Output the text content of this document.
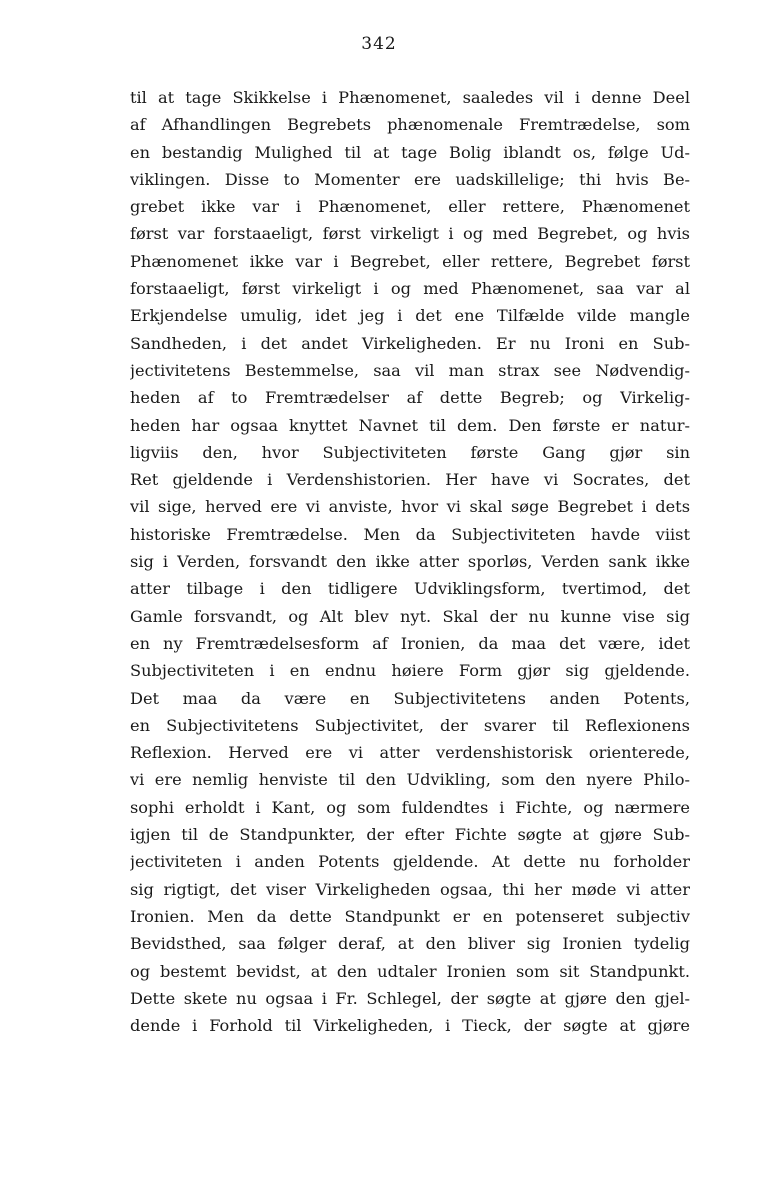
342
til at tage Skikkelse i Phænomenet, saaledes vil i denne Deel
af Afhandlingen Begrebets phænomenale Fremtrædelse, som
en bestandig Mulighed til at tage Bolig iblandt os, følge Ud-
viklingen. Disse to Momenter ere uadskillelige; thi hvis Be-
grebet ikke var i Phænomenet, eller rettere, Phænomenet
først var forstaaeligt, først virkeligt i og med Begrebet, og hvis
Phænomenet ikke var i Begrebet, eller rettere, Begrebet først
forstaaeligt, først virkeligt i og med Phænomenet, saa var al
Erkjendelse umulig, idet jeg i det ene Tilfælde vilde mangle
Sandheden, i det andet Virkeligheden. Er nu Ironi en Sub-
jectivitetens Bestemmelse, saa vil man strax see Nødvendig-
heden af to Fremtrædelser af dette Begreb; og Virkelig-
heden har ogsaa knyttet Navnet til dem. Den første er natur-
ligviis den, hvor Subjectiviteten første Gang gjør sin
Ret gjeldende i Verdenshistorien. Her have vi Socrates, det
vil sige, herved ere vi anviste, hvor vi skal søge Begrebet i dets
historiske Fremtrædelse. Men da Subjectiviteten havde viist
sig i Verden, forsvandt den ikke atter sporløs, Verden sank ikke
atter tilbage i den tidligere Udviklingsform, tvertimod, det
Gamle forsvandt, og Alt blev nyt. Skal der nu kunne vise sig
en ny Fremtrædelsesform af Ironien, da maa det være, idet
Subjectiviteten i en endnu høiere Form gjør sig gjeldende.
Det maa da være en Subjectivitetens anden Potents,
en Subjectivitetens Subjectivitet, der svarer til Reflexionens
Reflexion. Herved ere vi atter verdenshistorisk orienterede,
vi ere nemlig henviste til den Udvikling, som den nyere Philo-
sophi erholdt i Kant, og som fuldendtes i Fichte, og nærmere
igjen til de Standpunkter, der efter Fichte søgte at gjøre Sub-
jectiviteten i anden Potents gjeldende. At dette nu forholder
sig rigtigt, det viser Virkeligheden ogsaa, thi her møde vi atter
Ironien. Men da dette Standpunkt er en potenseret subjectiv
Bevidsthed, saa følger deraf, at den bliver sig Ironien tydelig
og bestemt bevidst, at den udtaler Ironien som sit Standpunkt.
Dette skete nu ogsaa i Fr. Schlegel, der søgte at gjøre den gjel-
dende i Forhold til Virkeligheden, i Tieck, der søgte at gjøre
